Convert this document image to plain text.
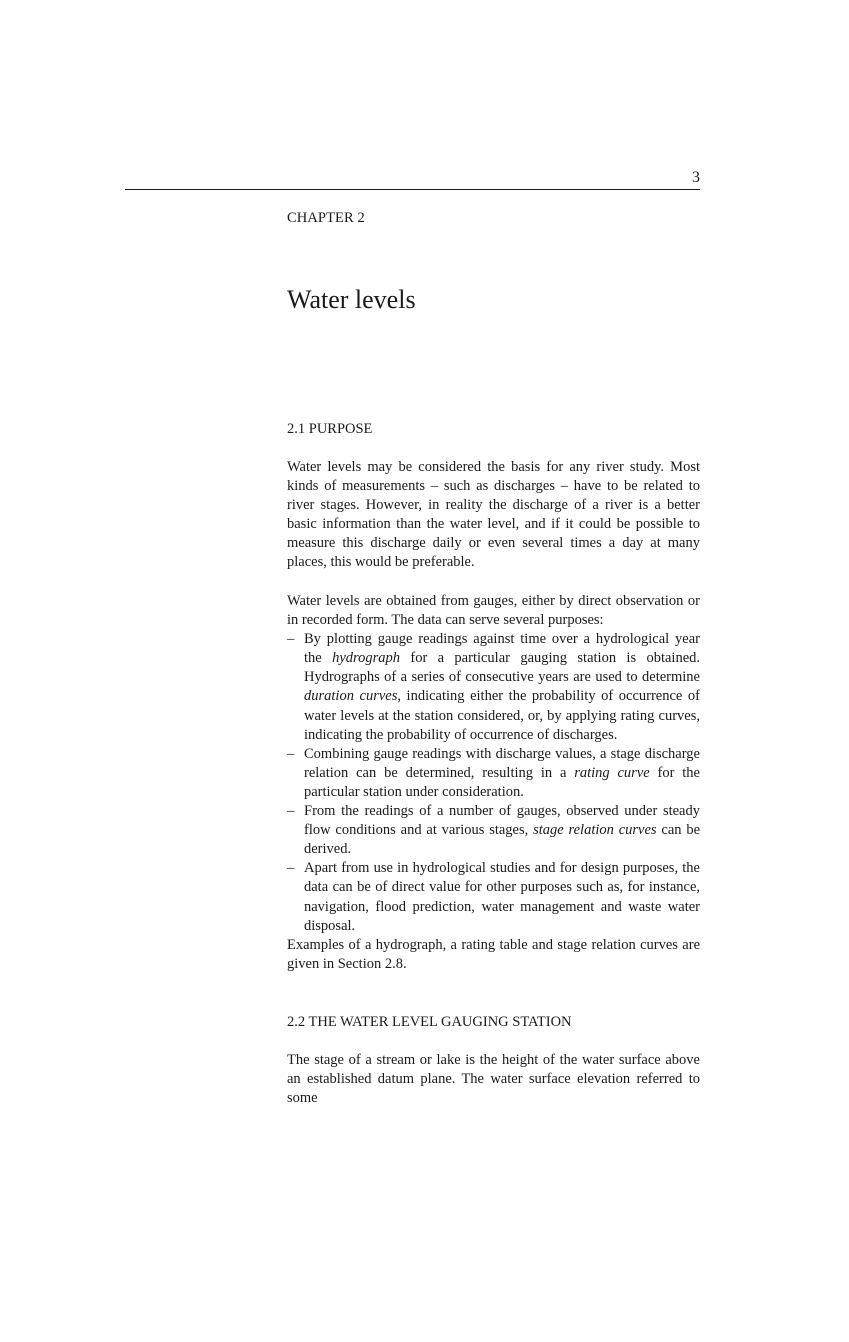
3
CHAPTER 2
Water levels
2.1 PURPOSE

Water levels may be considered the basis for any river study. Most kinds of measurements – such as discharges – have to be related to river stages. However, in reality the discharge of a river is a better basic information than the water level, and if it could be possible to measure this discharge daily or even several times a day at many places, this would be preferable.

Water levels are obtained from gauges, either by direct observation or in recorded form. The data can serve several purposes:
– By plotting gauge readings against time over a hydrological year the hydrograph for a particular gauging station is obtained. Hydrographs of a series of consecutive years are used to determine duration curves, indicating either the probability of occurrence of water levels at the station considered, or, by applying rating curves, indicating the probability of occurrence of discharges.
– Combining gauge readings with discharge values, a stage discharge relation can be determined, resulting in a rating curve for the particular station under consideration.
– From the readings of a number of gauges, observed under steady flow conditions and at various stages, stage relation curves can be derived.
– Apart from use in hydrological studies and for design purposes, the data can be of direct value for other purposes such as, for instance, navigation, flood prediction, water management and waste water disposal.
Examples of a hydrograph, a rating table and stage relation curves are given in Section 2.8.
2.2 THE WATER LEVEL GAUGING STATION

The stage of a stream or lake is the height of the water surface above an established datum plane. The water surface elevation referred to some
